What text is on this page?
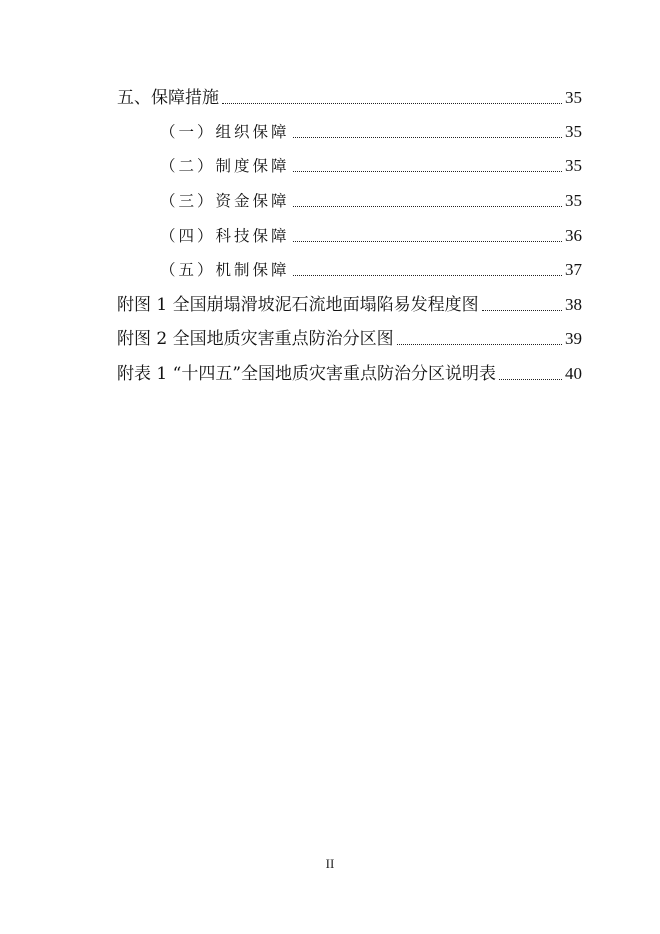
五、保障措施	35
（一）组织保障	35
（二）制度保障	35
（三）资金保障	35
（四）科技保障	36
（五）机制保障	37
附图 1 全国崩塌滑坡泥石流地面塌陷易发程度图	38
附图 2 全国地质灾害重点防治分区图	39
附表 1 “十四五”全国地质灾害重点防治分区说明表	40
II
